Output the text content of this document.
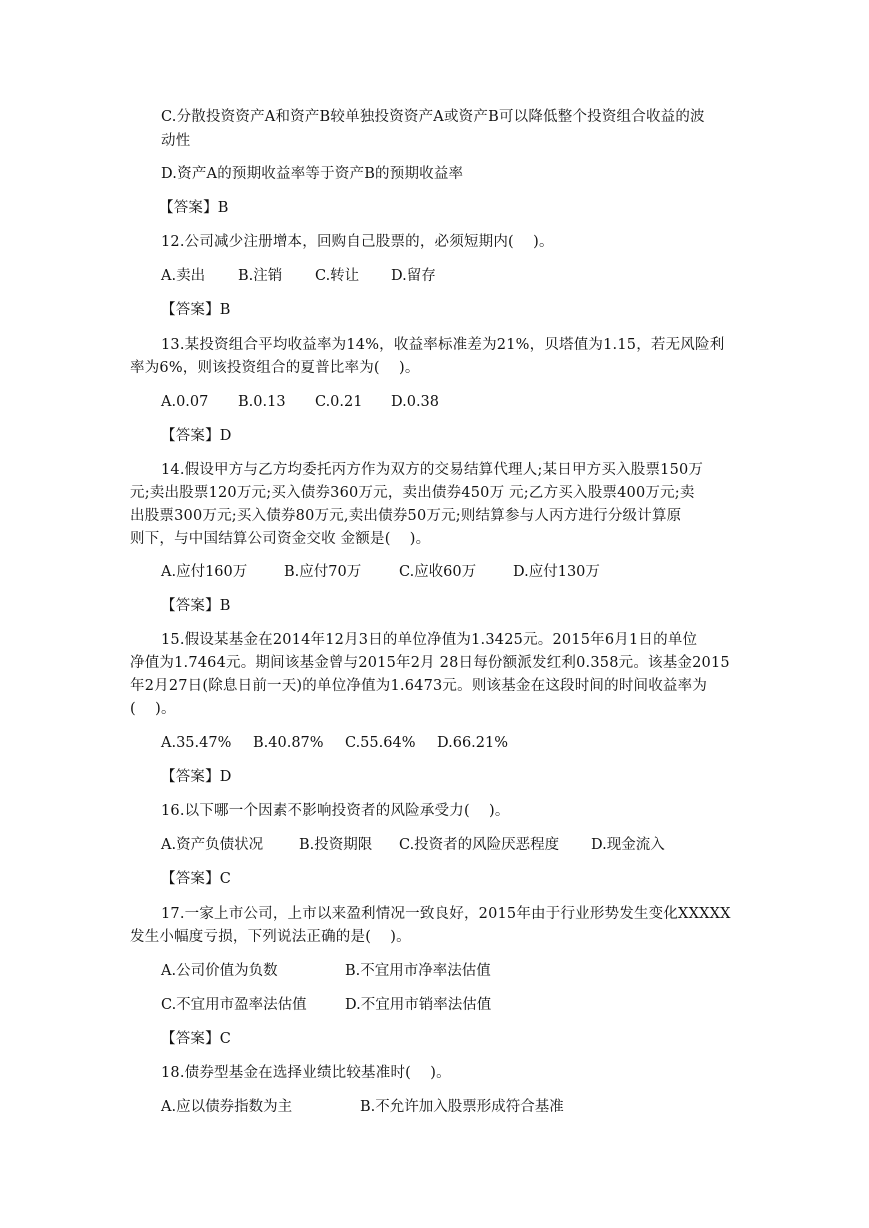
C.分散投资资产A和资产B较单独投资资产A或资产B可以降低整个投资组合收益的波
动性
D.资产A的预期收益率等于资产B的预期收益率
【答案】B
12.公司减少注册增本，回购自己股票的，必须短期内(    )。
A.卖出 B.注销 C.转让 D.留存
【答案】B
13.某投资组合平均收益率为14%，收益率标准差为21%，贝塔值为1.15，若无风险利
率为6%，则该投资组合的夏普比率为(    )。
A.0.07 B.0.13 C.0.21 D.0.38
【答案】D
14.假设甲方与乙方均委托丙方作为双方的交易结算代理人;某日甲方买入股票150万
元;卖出股票120万元;买入债券360万元，卖出债券450万 元;乙方买入股票400万元;卖
出股票300万元;买入债券80万元,卖出债券50万元;则结算参与人丙方进行分级计算原
则下，与中国结算公司资金交收 金额是(    )。
A.应付160万	B.应付70万	C.应收60万	D.应付130万
【答案】B
15.假设某基金在2014年12月3日的单位净值为1.3425元。2015年6月1日的单位
净值为1.7464元。期间该基金曾与2015年2月 28日每份额派发红利0.358元。该基金2015
年2月27日(除息日前一天)的单位净值为1.6473元。则该基金在这段时间的时间收益率为
(    )。
A.35.47% B.40.87% C.55.64% D.66.21%
【答案】D
16.以下哪一个因素不影响投资者的风险承受力(    )。
A.资产负债状况 B.投资期限 C.投资者的风险厌恶程度 D.现金流入
【答案】C
17.一家上市公司，上市以来盈利情况一致良好，2015年由于行业形势发生变化XXXXX
发生小幅度亏损，下列说法正确的是(    )。
A.公司价值为负数	B.不宜用市净率法估值
C.不宜用市盈率法估值	D.不宜用市销率法估值
【答案】C
18.债券型基金在选择业绩比较基准时(    )。
A.应以债券指数为主	B.不允许加入股票形成符合基准
